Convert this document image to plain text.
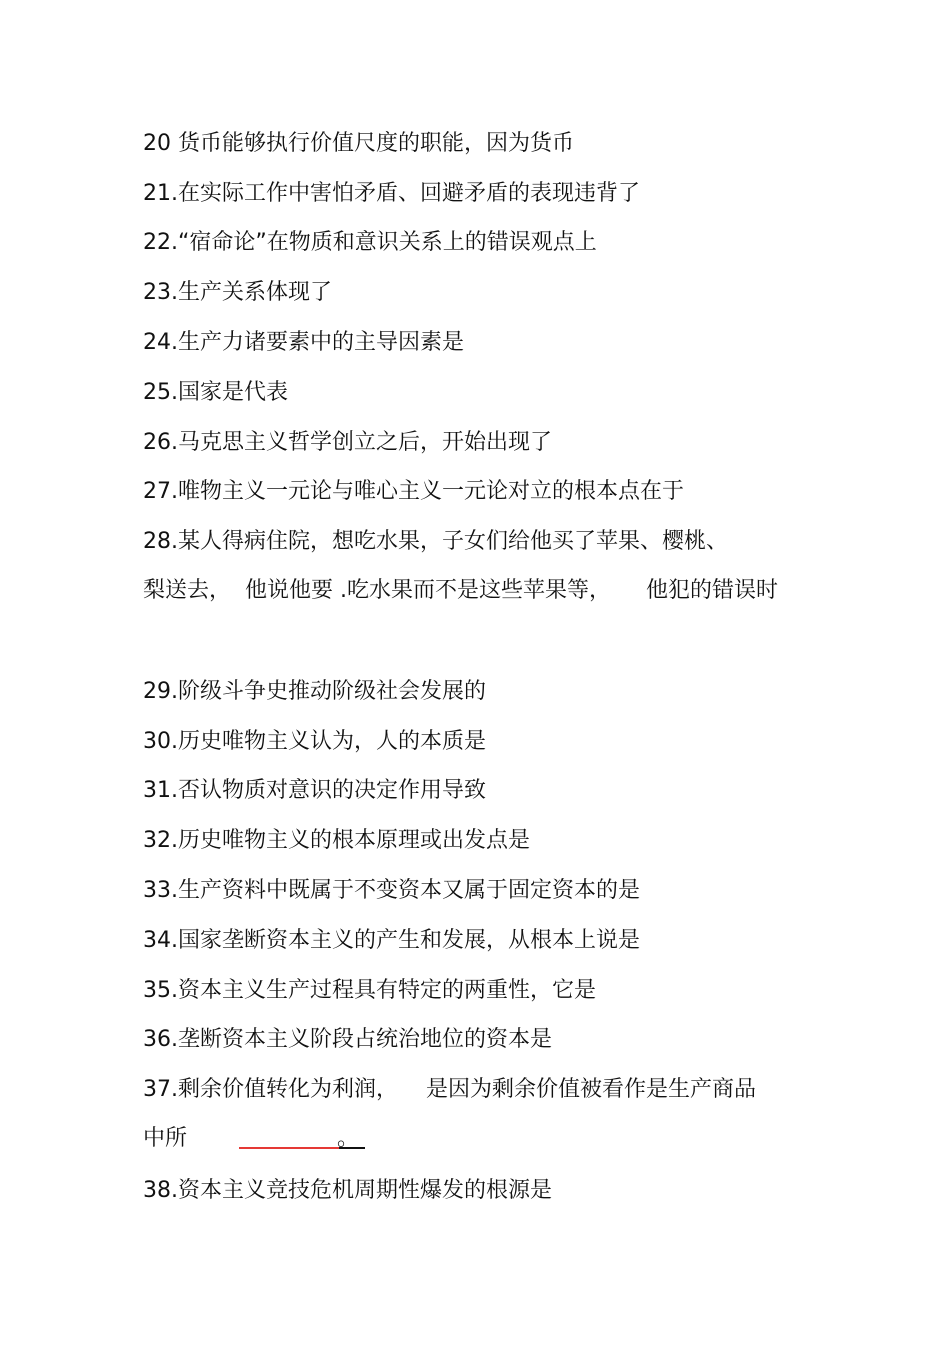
20 货币能够执行价值尺度的职能，因为货币
21.在实际工作中害怕矛盾、回避矛盾的表现违背了
22.“宿命论”在物质和意识关系上的错误观点上
23.生产关系体现了
24.生产力诸要素中的主导因素是
25.国家是代表
26.马克思主义哲学创立之后，开始出现了
27.唯物主义一元论与唯心主义一元论对立的根本点在于
28.某人得病住院，想吃水果，子女们给他买了苹果、樱桃、
梨送去，  他说他要 .吃水果而不是这些苹果等，     他犯的错误时
29.阶级斗争史推动阶级社会发展的
30.历史唯物主义认为，人的本质是
31.否认物质对意识的决定作用导致
32.历史唯物主义的根本原理或出发点是
33.生产资料中既属于不变资本又属于固定资本的是
34.国家垄断资本主义的产生和发展，从根本上说是
35.资本主义生产过程具有特定的两重性，它是
36.垄断资本主义阶段占统治地位的资本是
37.剩余价值转化为利润，    是因为剩余价值被看作是生产商品
中所	。
38.资本主义竞技危机周期性爆发的根源是
